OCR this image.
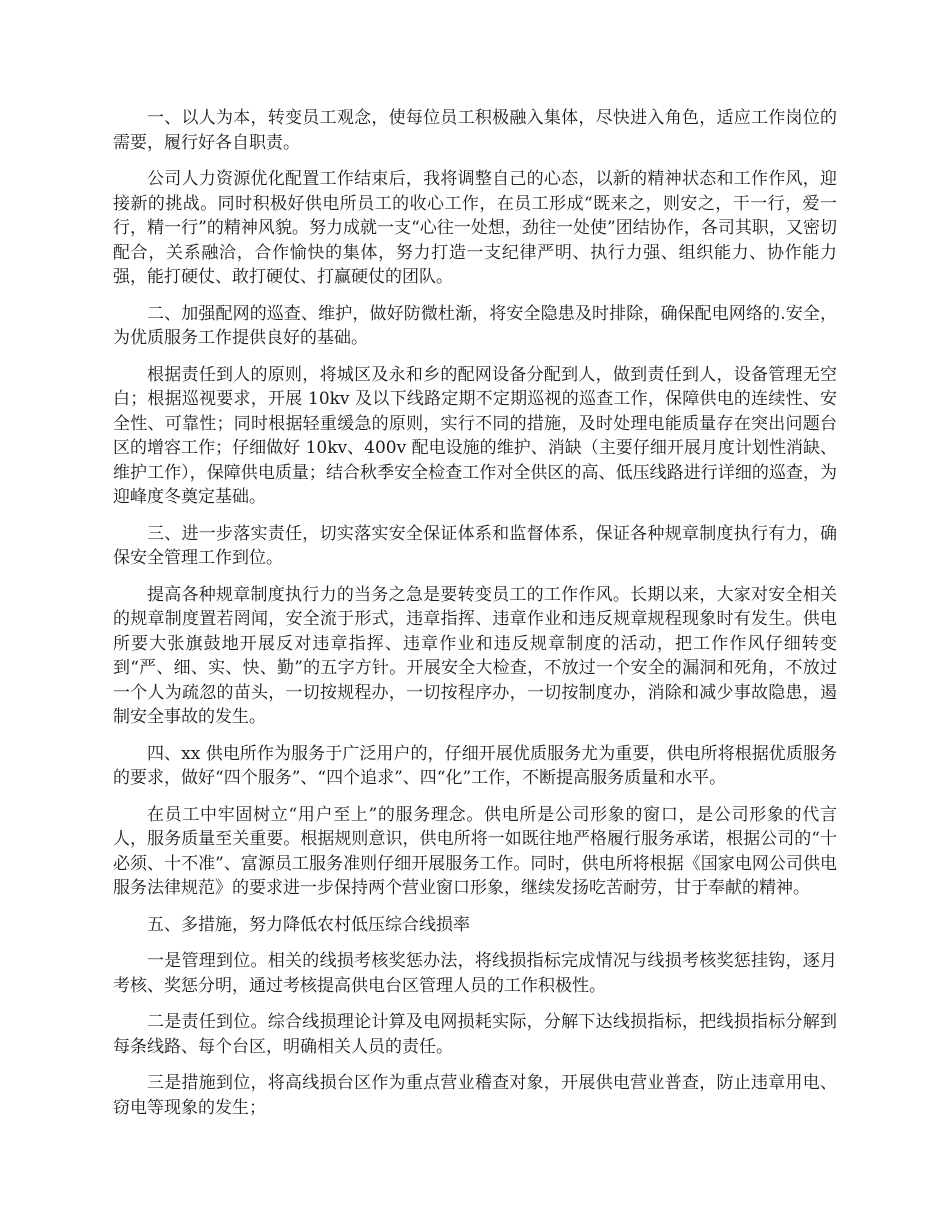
一、以人为本，转变员工观念，使每位员工积极融入集体，尽快进入角色，适应工作岗位的需要，履行好各自职责。

公司人力资源优化配置工作结束后，我将调整自己的心态，以新的精神状态和工作作风，迎接新的挑战。同时积极好供电所员工的收心工作，在员工形成“既来之，则安之，干一行，爱一行，精一行”的精神风貌。努力成就一支“心往一处想，劲往一处使”团结协作，各司其职，又密切配合，关系融洽，合作愉快的集体，努力打造一支纪律严明、执行力强、组织能力、协作能力强，能打硬仗、敢打硬仗、打赢硬仗的团队。

二、加强配网的巡查、维护，做好防微杜渐，将安全隐患及时排除，确保配电网络的.安全，为优质服务工作提供良好的基础。

根据责任到人的原则，将城区及永和乡的配网设备分配到人，做到责任到人，设备管理无空白；根据巡视要求，开展 10kv 及以下线路定期不定期巡视的巡查工作，保障供电的连续性、安全性、可靠性；同时根据轻重缓急的原则，实行不同的措施，及时处理电能质量存在突出问题台区的增容工作；仔细做好 10kv、400v 配电设施的维护、消缺（主要仔细开展月度计划性消缺、维护工作），保障供电质量；结合秋季安全检查工作对全供区的高、低压线路进行详细的巡查，为迎峰度冬奠定基础。

三、进一步落实责任，切实落实安全保证体系和监督体系，保证各种规章制度执行有力，确保安全管理工作到位。

提高各种规章制度执行力的当务之急是要转变员工的工作作风。长期以来，大家对安全相关的规章制度置若罔闻，安全流于形式，违章指挥、违章作业和违反规章规程现象时有发生。供电所要大张旗鼓地开展反对违章指挥、违章作业和违反规章制度的活动，把工作作风仔细转变到“严、细、实、快、勤”的五字方针。开展安全大检查，不放过一个安全的漏洞和死角，不放过一个人为疏忽的苗头，一切按规程办，一切按程序办，一切按制度办，消除和减少事故隐患，遏制安全事故的发生。

四、xx 供电所作为服务于广泛用户的，仔细开展优质服务尤为重要，供电所将根据优质服务的要求，做好“四个服务”、“四个追求”、四“化”工作，不断提高服务质量和水平。

在员工中牢固树立“用户至上”的服务理念。供电所是公司形象的窗口，是公司形象的代言人，服务质量至关重要。根据规则意识，供电所将一如既往地严格履行服务承诺，根据公司的“十必须、十不准”、富源员工服务准则仔细开展服务工作。同时，供电所将根据《国家电网公司供电服务法律规范》的要求进一步保持两个营业窗口形象，继续发扬吃苦耐劳，甘于奉献的精神。

五、多措施，努力降低农村低压综合线损率

一是管理到位。相关的线损考核奖惩办法，将线损指标完成情况与线损考核奖惩挂钩，逐月考核、奖惩分明，通过考核提高供电台区管理人员的工作积极性。

二是责任到位。综合线损理论计算及电网损耗实际，分解下达线损指标，把线损指标分解到每条线路、每个台区，明确相关人员的责任。

三是措施到位，将高线损台区作为重点营业稽查对象，开展供电营业普查，防止违章用电、窃电等现象的发生；
